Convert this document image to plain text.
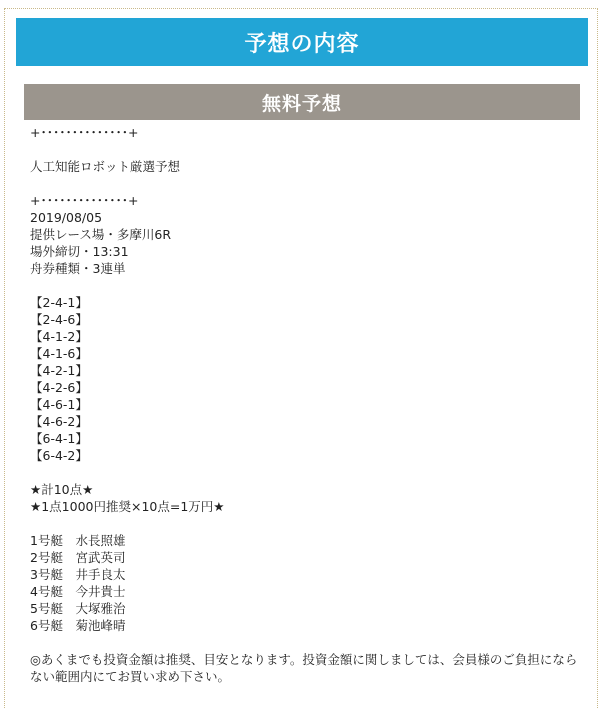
予想の内容
無料予想
+･･････････････+
人工知能ロボット厳選予想
+･･････････････+
2019/08/05
提供レース場・多摩川6R
場外締切・13:31
舟券種類・3連単
【2-4-1】
【2-4-6】
【4-1-2】
【4-1-6】
【4-2-1】
【4-2-6】
【4-6-1】
【4-6-2】
【6-4-1】
【6-4-2】
★計10点★
★1点1000円推奨×10点=1万円★
1号艇　水長照雄
2号艇　宮武英司
3号艇　井手良太
4号艇　今井貴士
5号艇　大塚雅治
6号艇　菊池峰晴
◎あくまでも投資金額は推奨、目安となります。投資金額に関しましては、会員様のご負担にならない範囲内にてお買い求め下さい。
